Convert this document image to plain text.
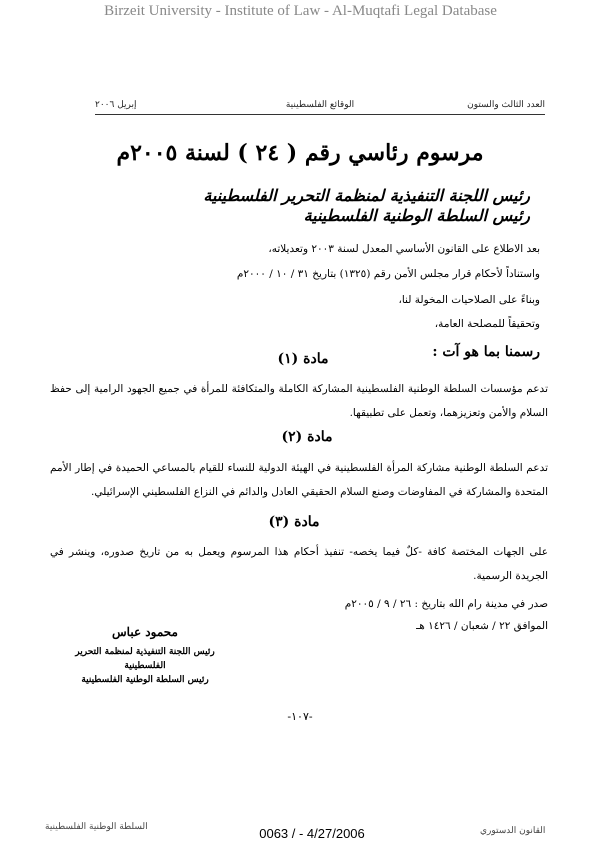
Birzeit University - Institute of Law - Al-Muqtafi Legal Database
العدد الثالث والستون
الوقائع الفلسطينية
إبريل ٢٠٠٦
مرسوم رئاسي رقم ( ٢٤ ) لسنة ٢٠٠٥م
رئيس اللجنة التنفيذية لمنظمة التحرير الفلسطينية
رئيس السلطة الوطنية الفلسطينية
بعد الاطلاع على القانون الأساسي المعدل لسنة ٢٠٠٣ وتعديلاته،
واستناداً لأحكام قرار مجلس الأمن رقم (١٣٢٥) بتاريخ ٣١ / ١٠ / ٢٠٠٠م
وبناءً على الصلاحيات المخولة لنا،
وتحقيقاً للمصلحة العامة،
رسمنا بما هو آت :
مادة (١)
تدعم مؤسسات السلطة الوطنية الفلسطينية المشاركة الكاملة والمتكافئة للمرأة في جميع الجهود الرامية إلى حفظ السلام والأمن وتعزيزهما، وتعمل على تطبيقها.
مادة (٢)
تدعم السلطة الوطنية مشاركة المرأة الفلسطينية في الهيئة الدولية للنساء للقيام بالمساعي الحميدة في إطار الأمم المتحدة والمشاركة في المفاوضات وصنع السلام الحقيقي العادل والدائم في النزاع الفلسطيني الإسرائيلي.
مادة (٣)
على الجهات المختصة كافة -كلٌ فيما يخصه- تنفيذ أحكام هذا المرسوم ويعمل به من تاريخ صدوره، وينشر في الجريدة الرسمية.
صدر في مدينة رام الله بتاريخ : ٢٦ / ٩ / ٢٠٠٥م
الموافق ٢٢ / شعبان / ١٤٢٦ هـ
محمود عباس
رئيس اللجنة التنفيذية لمنظمة التحرير الفلسطينية
رئيس السلطة الوطنية الفلسطينية
-١٠٧-
السلطة الوطنية الفلسطينية	0063 / - 4/27/2006	القانون الدستوري
